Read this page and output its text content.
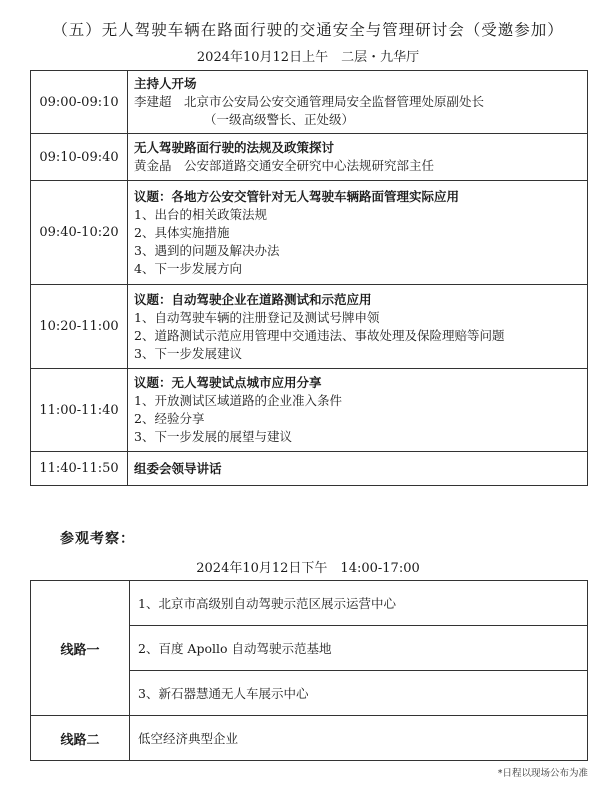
（五）无人驾驶车辆在路面行驶的交通安全与管理研讨会（受邀参加）
2024年10月12日上午　二层・九华厅
09:00-09:10	主持人开场
李建超　北京市公安局公安交通管理局安全监督管理处原副处长
（一级高级警长、正处级）

09:10-09:40	无人驾驶路面行驶的法规及政策探讨
黄金晶　公安部道路交通安全研究中心法规研究部主任

09:40-10:20	议题：各地方公安交管针对无人驾驶车辆路面管理实际应用
1、出台的相关政策法规
2、具体实施措施
3、遇到的问题及解决办法
4、下一步发展方向

10:20-11:00	议题：自动驾驶企业在道路测试和示范应用
1、自动驾驶车辆的注册登记及测试号牌申领
2、道路测试示范应用管理中交通违法、事故处理及保险理赔等问题
3、下一步发展建议

11:00-11:40	议题：无人驾驶试点城市应用分享
1、开放测试区域道路的企业准入条件
2、经验分享
3、下一步发展的展望与建议

11:40-11:50	组委会领导讲话
参观考察：
2024年10月12日下午　14:00-17:00
线路一	1、北京市高级别自动驾驶示范区展示运营中心
	2、百度 Apollo 自动驾驶示范基地
	3、新石器慧通无人车展示中心
线路二	低空经济典型企业
*日程以现场公布为准
